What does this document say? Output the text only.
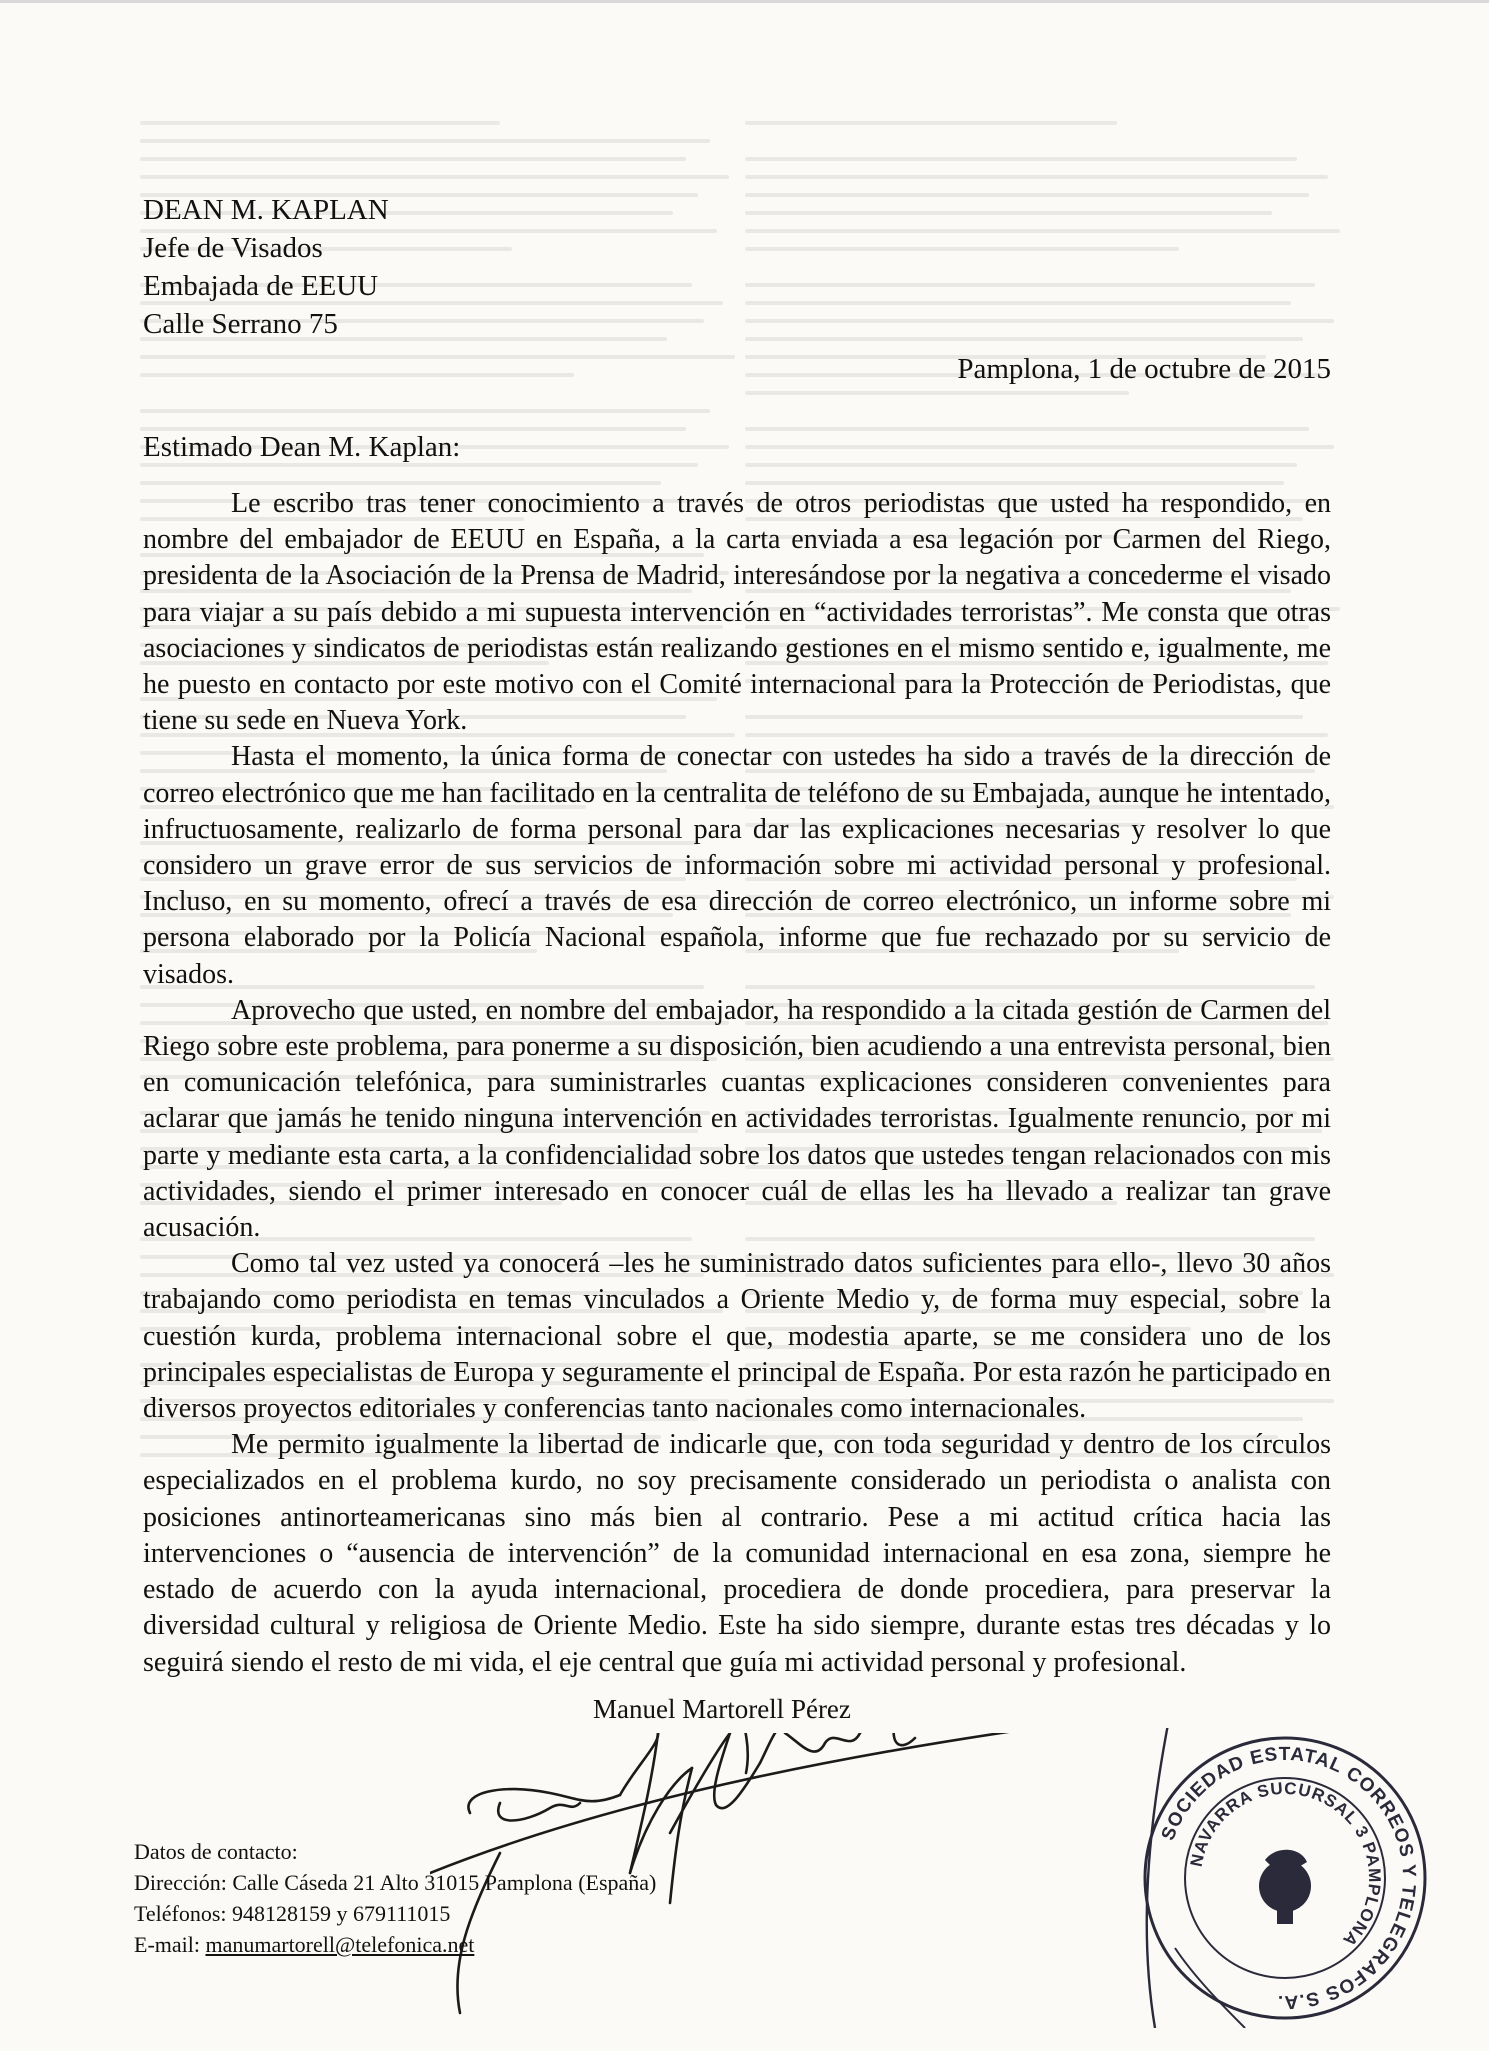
DEAN M. KAPLAN
Jefe de Visados
Embajada de EEUU
Calle Serrano 75
Pamplona, 1 de octubre de 2015
Estimado Dean M. Kaplan:

Le escribo tras tener conocimiento a través de otros periodistas que usted ha respondido, en nombre del embajador de EEUU en España, a la carta enviada a esa legación por Carmen del Riego, presidenta de la Asociación de la Prensa de Madrid, interesándose por la negativa a concederme el visado para viajar a su país debido a mi supuesta intervención en “actividades terroristas”. Me consta que otras asociaciones y sindicatos de periodistas están realizando gestiones en el mismo sentido e, igualmente, me he puesto en contacto por este motivo con el Comité internacional para la Protección de Periodistas, que tiene su sede en Nueva York.

Hasta el momento, la única forma de conectar con ustedes ha sido a través de la dirección de correo electrónico que me han facilitado en la centralita de teléfono de su Embajada, aunque he intentado, infructuosamente, realizarlo de forma personal para dar las explicaciones necesarias y resolver lo que considero un grave error de sus servicios de información sobre mi actividad personal y profesional. Incluso, en su momento, ofrecí a través de esa dirección de correo electrónico, un informe sobre mi persona elaborado por la Policía Nacional española, informe que fue rechazado por su servicio de visados.

Aprovecho que usted, en nombre del embajador, ha respondido a la citada gestión de Carmen del Riego sobre este problema, para ponerme a su disposición, bien acudiendo a una entrevista personal, bien en comunicación telefónica, para suministrarles cuantas explicaciones consideren convenientes para aclarar que jamás he tenido ninguna intervención en actividades terroristas. Igualmente renuncio, por mi parte y mediante esta carta, a la confidencialidad sobre los datos que ustedes tengan relacionados con mis actividades, siendo el primer interesado en conocer cuál de ellas les ha llevado a realizar tan grave acusación.

Como tal vez usted ya conocerá –les he suministrado datos suficientes para ello-, llevo 30 años trabajando como periodista en temas vinculados a Oriente Medio y, de forma muy especial, sobre la cuestión kurda, problema internacional sobre el que, modestia aparte, se me considera uno de los principales especialistas de Europa y seguramente el principal de España. Por esta razón he participado en diversos proyectos editoriales y conferencias tanto nacionales como internacionales.

Me permito igualmente la libertad de indicarle que, con toda seguridad y dentro de los círculos especializados en el problema kurdo, no soy precisamente considerado un periodista o analista con posiciones antinorteamericanas sino más bien al contrario. Pese a mi actitud crítica hacia las intervenciones o “ausencia de intervención” de la comunidad internacional en esa zona, siempre he estado de acuerdo con la ayuda internacional, procediera de donde procediera, para preservar la diversidad cultural y religiosa de Oriente Medio. Este ha sido siempre, durante estas tres décadas y lo seguirá siendo el resto de mi vida, el eje central que guía mi actividad personal y profesional.

Manuel Martorell Pérez
SOCIEDAD ESTATAL CORREOS Y TELEGRAFOS S.A.
NAVARRA SUCURSAL 3 PAMPLONA
Datos de contacto:
Dirección: Calle Cáseda 21 Alto 31015 Pamplona (España)
Teléfonos: 948128159 y 679111015
E-mail: manumartorell@telefonica.net
